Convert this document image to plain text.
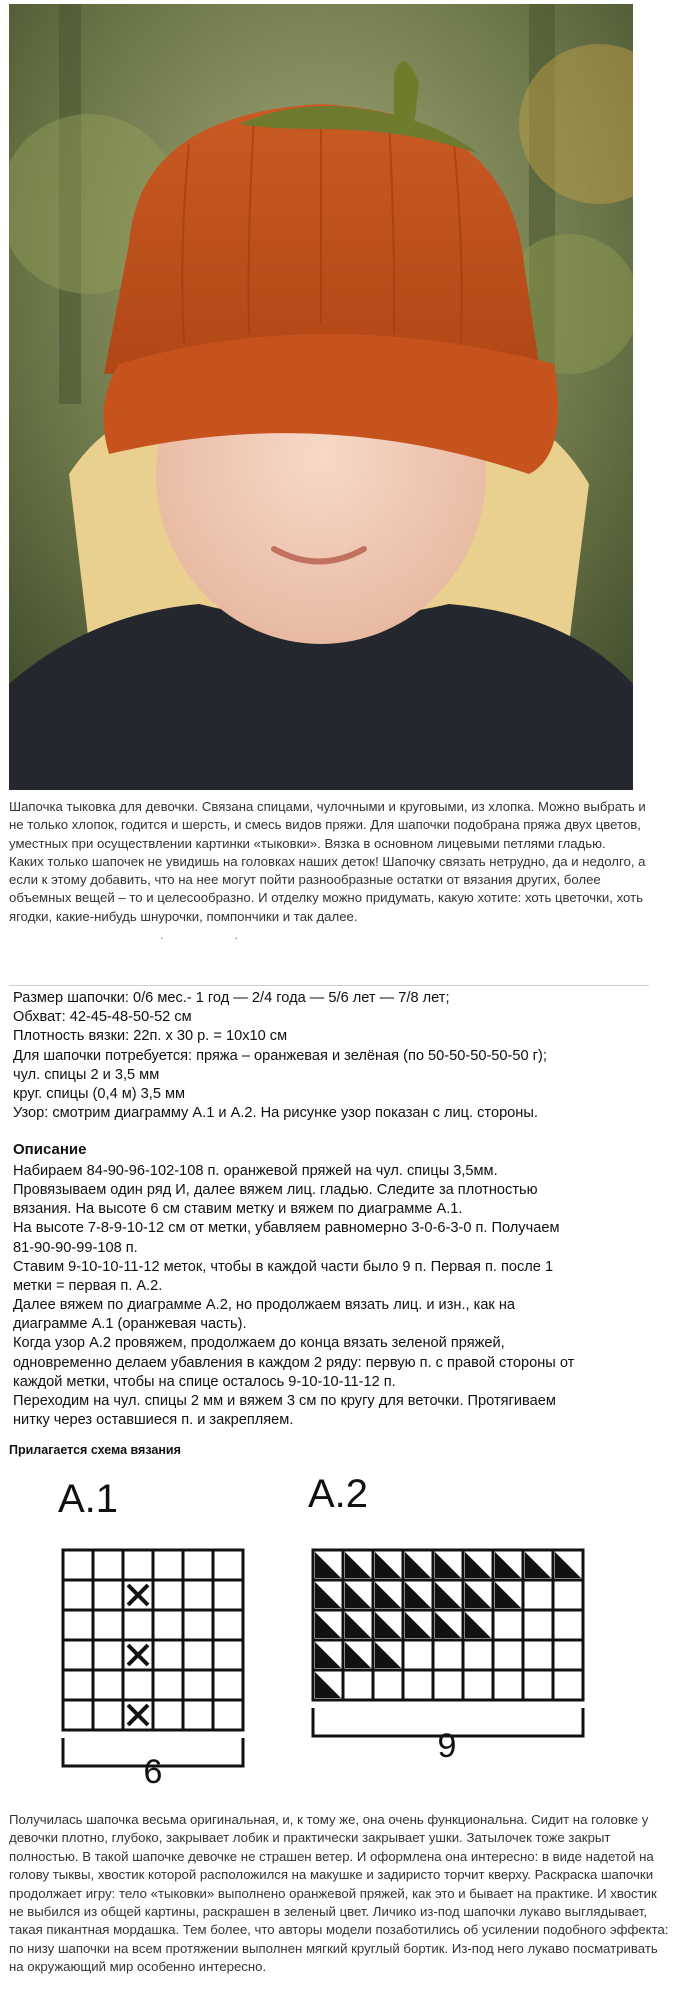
Шапочка тыковка для девочки. Связана спицами, чулочными и круговыми, из хлопка. Можно выбрать и не только хлопок, годится и шерсть, и смесь видов пряжи. Для шапочки подобрана пряжа двух цветов, уместных при осуществлении картинки «тыковки». Вязка в основном лицевыми петлями гладью.

Каких только шапочек не увидишь на головках наших деток! Шапочку связать нетрудно, да и недолго, а если к этому добавить, что на нее могут пойти разнообразные остатки от вязания других, более объемных вещей – то и целесообразно. И отделку можно придумать, какую хотите: хоть цветочки, хоть ягодки, какие-нибудь шнурочки, помпончики и так далее.

. .
Размер шапочки: 0/6 мес.- 1 год — 2/4 года — 5/6 лет — 7/8 лет;
Обхват: 42-45-48-50-52 см
Плотность вязки: 22п. х 30 р. = 10х10 см
Для шапочки потребуется: пряжа – оранжевая и зелёная (по 50-50-50-50-50 г);
чул. спицы 2 и 3,5 мм
круг. спицы (0,4 м) 3,5 мм
Узор: смотрим диаграмму А.1 и А.2. На рисунке узор показан с лиц. стороны.
Описание
Набираем 84-90-96-102-108 п. оранжевой пряжей на чул. спицы 3,5мм.
Провязываем один ряд И, далее вяжем лиц. гладью. Следите за плотностью
вязания. На высоте 6 см ставим метку и вяжем по диаграмме А.1.
На высоте 7-8-9-10-12 см от метки, убавляем равномерно 3-0-6-3-0 п. Получаем
81-90-90-99-108 п.
Ставим 9-10-10-11-12 меток, чтобы в каждой части было 9 п. Первая п. после 1
метки = первая п. А.2.
Далее вяжем по диаграмме А.2, но продолжаем вязать лиц. и изн., как на
диаграмме А.1 (оранжевая часть).
Когда узор А.2 провяжем, продолжаем до конца вязать зеленой пряжей,
одновременно делаем убавления в каждом 2 ряду: первую п. с правой стороны от
каждой метки, чтобы на спице осталось 9-10-10-11-12 п.
Переходим на чул. спицы 2 мм и вяжем 3 см по кругу для веточки. Протягиваем
нитку через оставшиеся п. и закрепляем.
Прилагается схема вязания
А.1	А.2
6
9

Получилась шапочка весьма оригинальная, и, к тому же, она очень функциональна. Сидит на головке у девочки плотно, глубоко, закрывает лобик и практически закрывает ушки. Затылочек тоже закрыт полностью. В такой шапочке девочке не страшен ветер. И оформлена она интересно: в виде надетой на голову тыквы, хвостик которой расположился на макушке и задиристо торчит кверху. Раскраска шапочки продолжает игру: тело «тыковки» выполнено оранжевой пряжей, как это и бывает на практике. И хвостик не выбился из общей картины, раскрашен в зеленый цвет. Личико из-под шапочки лукаво выглядывает, такая пикантная мордашка. Тем более, что авторы модели позаботились об усилении подобного эффекта: по низу шапочки на всем протяжении выполнен мягкий круглый бортик. Из-под него лукаво посматривать на окружающий мир особенно интересно.
